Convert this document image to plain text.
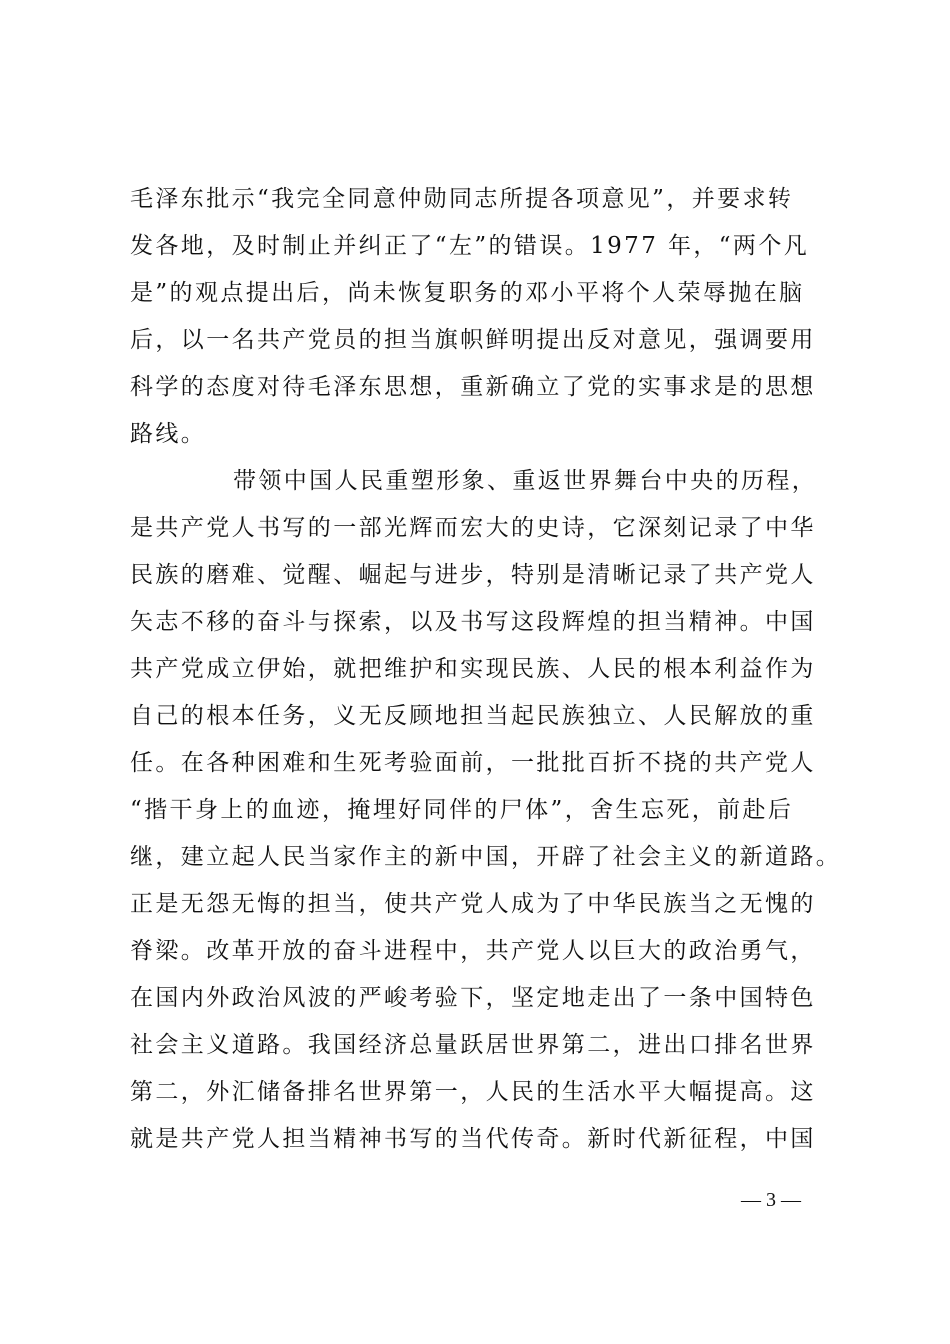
毛泽东批示“我完全同意仲勋同志所提各项意见”，并要求转
发各地，及时制止并纠正了“左”的错误。1977 年，“两个凡
是”的观点提出后，尚未恢复职务的邓小平将个人荣辱抛在脑
后，以一名共产党员的担当旗帜鲜明提出反对意见，强调要用
科学的态度对待毛泽东思想，重新确立了党的实事求是的思想
路线。
带领中国人民重塑形象、重返世界舞台中央的历程，
是共产党人书写的一部光辉而宏大的史诗，它深刻记录了中华
民族的磨难、觉醒、崛起与进步，特别是清晰记录了共产党人
矢志不移的奋斗与探索，以及书写这段辉煌的担当精神。中国
共产党成立伊始，就把维护和实现民族、人民的根本利益作为
自己的根本任务，义无反顾地担当起民族独立、人民解放的重
任。在各种困难和生死考验面前，一批批百折不挠的共产党人
“揩干身上的血迹，掩埋好同伴的尸体”，舍生忘死，前赴后
继，建立起人民当家作主的新中国，开辟了社会主义的新道路。
正是无怨无悔的担当，使共产党人成为了中华民族当之无愧的
脊梁。改革开放的奋斗进程中，共产党人以巨大的政治勇气，
在国内外政治风波的严峻考验下，坚定地走出了一条中国特色
社会主义道路。我国经济总量跃居世界第二，进出口排名世界
第二，外汇储备排名世界第一，人民的生活水平大幅提高。这
就是共产党人担当精神书写的当代传奇。新时代新征程，中国
— 3 —
